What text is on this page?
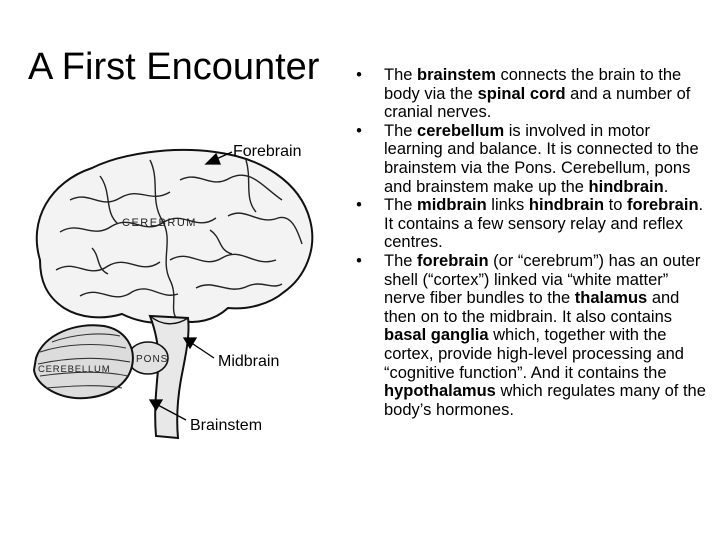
A First Encounter
CEREBRUM
PONS
CEREBELLUM
Forebrain
Midbrain
Brainstem
• The brainstem connects the brain to the body via the spinal cord and a number of cranial nerves.
• The cerebellum is involved in motor learning and balance. It is connected to the brainstem via the Pons. Cerebellum, pons and brainstem make up the hindbrain.
• The midbrain links hindbrain to forebrain. It contains a few sensory relay and reflex centres.
• The forebrain (or “cerebrum”) has an outer shell (“cortex”) linked via “white matter” nerve fiber bundles to the thalamus and then on to the midbrain. It also contains basal ganglia which, together with the cortex, provide high-level processing and “cognitive function”. And it contains the hypothalamus which regulates many of the body’s hormones.
